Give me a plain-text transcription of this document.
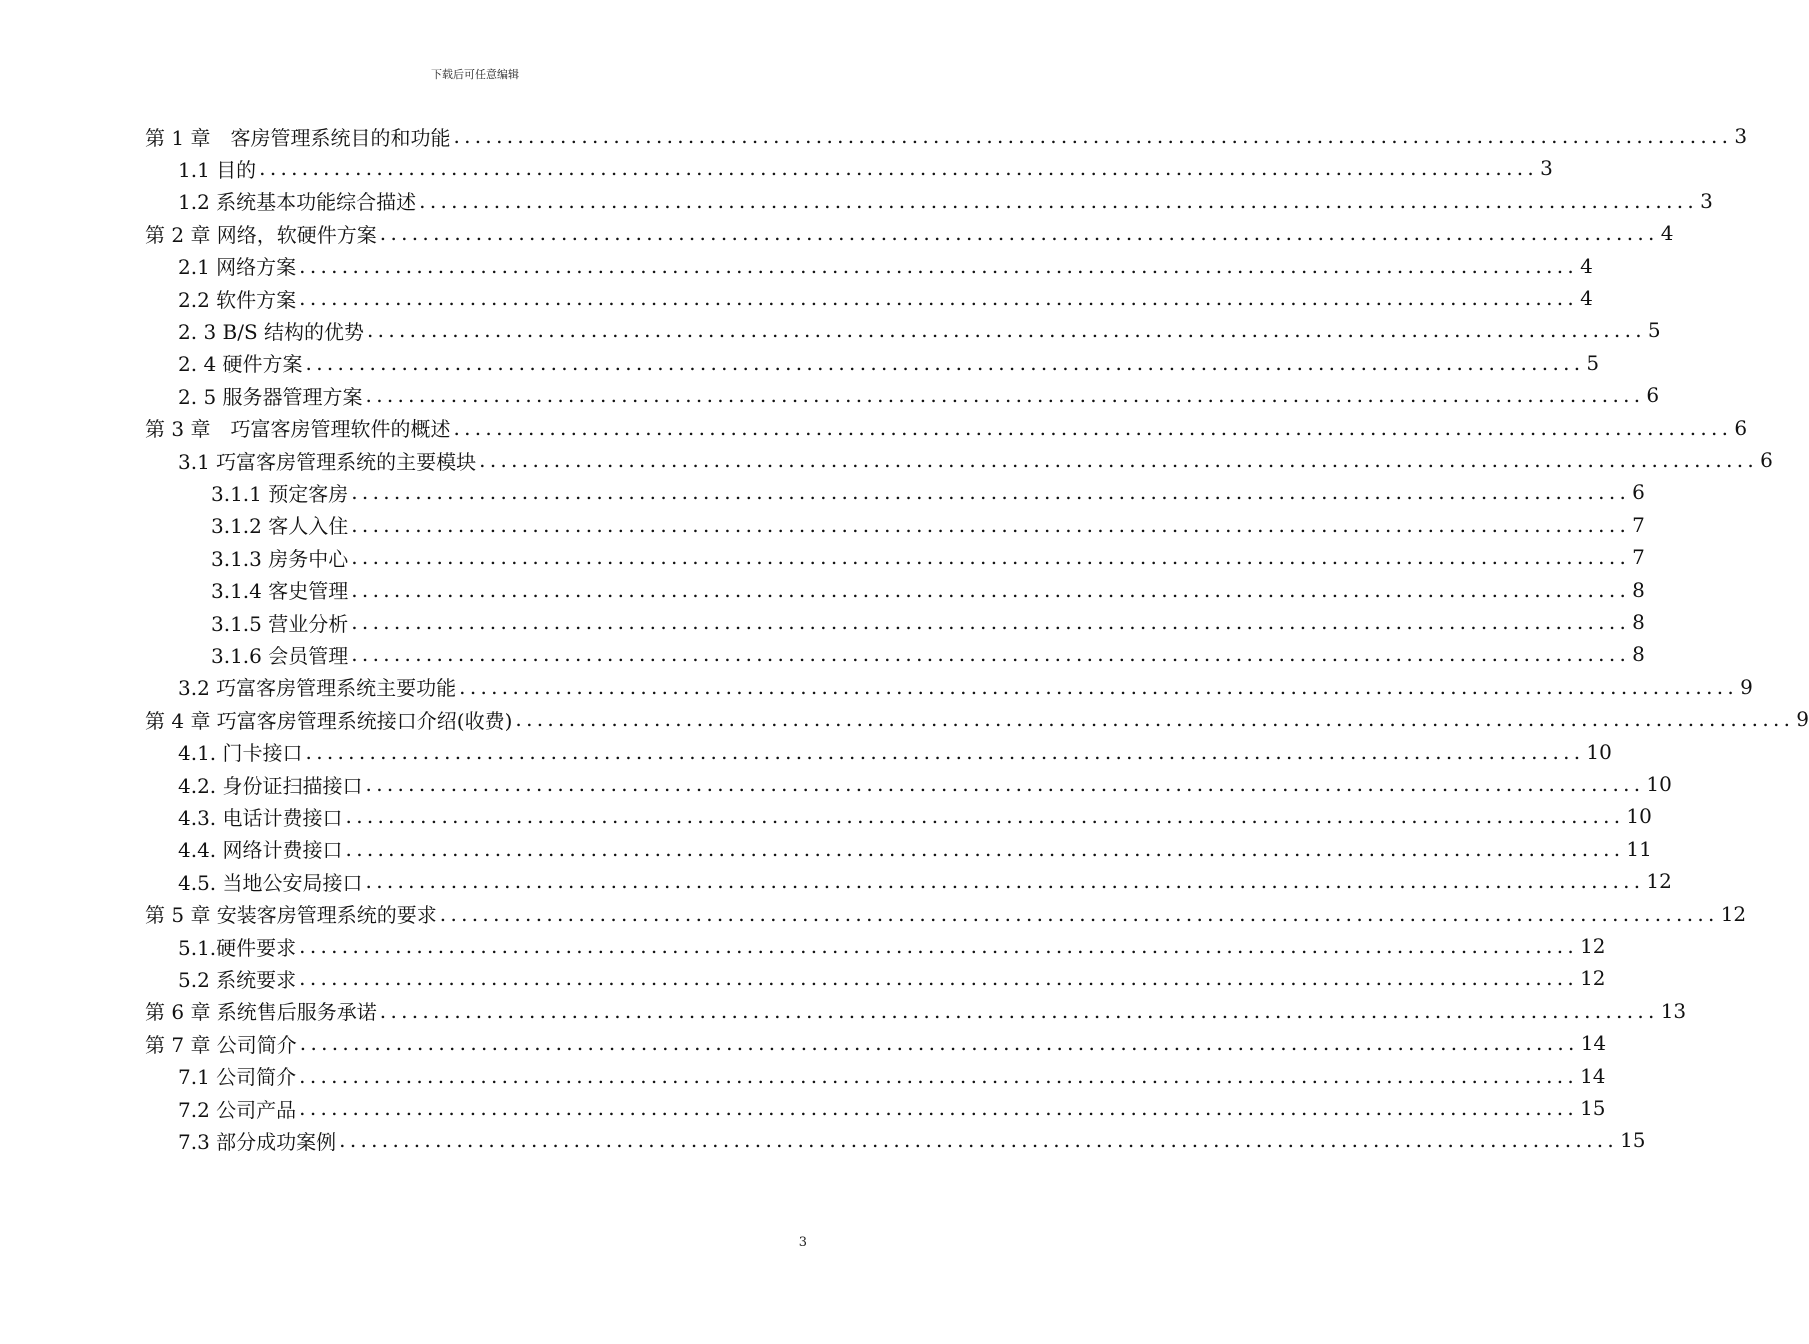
下载后可任意编辑
第 1 章　客房管理系统目的和功能 ........................................................................................................................ 3
1.1 目的 ........................................................................................................................ 3
1.2 系统基本功能综合描述 ........................................................................................................................ 3
第 2 章 网络，软硬件方案 ........................................................................................................................ 4
2.1 网络方案 ........................................................................................................................ 4
2.2 软件方案 ........................................................................................................................ 4
2. 3 B/S 结构的优势 ........................................................................................................................ 5
2. 4 硬件方案 ........................................................................................................................ 5
2. 5 服务器管理方案 ........................................................................................................................ 6
第 3 章　巧富客房管理软件的概述 ........................................................................................................................ 6
3.1 巧富客房管理系统的主要模块 ........................................................................................................................ 6
3.1.1 预定客房 ........................................................................................................................ 6
3.1.2 客人入住 ........................................................................................................................ 7
3.1.3 房务中心 ........................................................................................................................ 7
3.1.4 客史管理 ........................................................................................................................ 8
3.1.5 营业分析 ........................................................................................................................ 8
3.1.6 会员管理 ........................................................................................................................ 8
3.2 巧富客房管理系统主要功能 ........................................................................................................................ 9
第 4 章 巧富客房管理系统接口介绍(收费) ........................................................................................................................ 9
4.1. 门卡接口 ........................................................................................................................ 10
4.2. 身份证扫描接口 ........................................................................................................................ 10
4.3. 电话计费接口 ........................................................................................................................ 10
4.4. 网络计费接口 ........................................................................................................................ 11
4.5. 当地公安局接口 ........................................................................................................................ 12
第 5 章 安装客房管理系统的要求 ........................................................................................................................ 12
5.1.硬件要求 ........................................................................................................................ 12
5.2 系统要求 ........................................................................................................................ 12
第 6 章 系统售后服务承诺 ........................................................................................................................ 13
第 7 章 公司简介 ........................................................................................................................ 14
7.1 公司简介 ........................................................................................................................ 14
7.2 公司产品 ........................................................................................................................ 15
7.3 部分成功案例 ........................................................................................................................ 15
3
